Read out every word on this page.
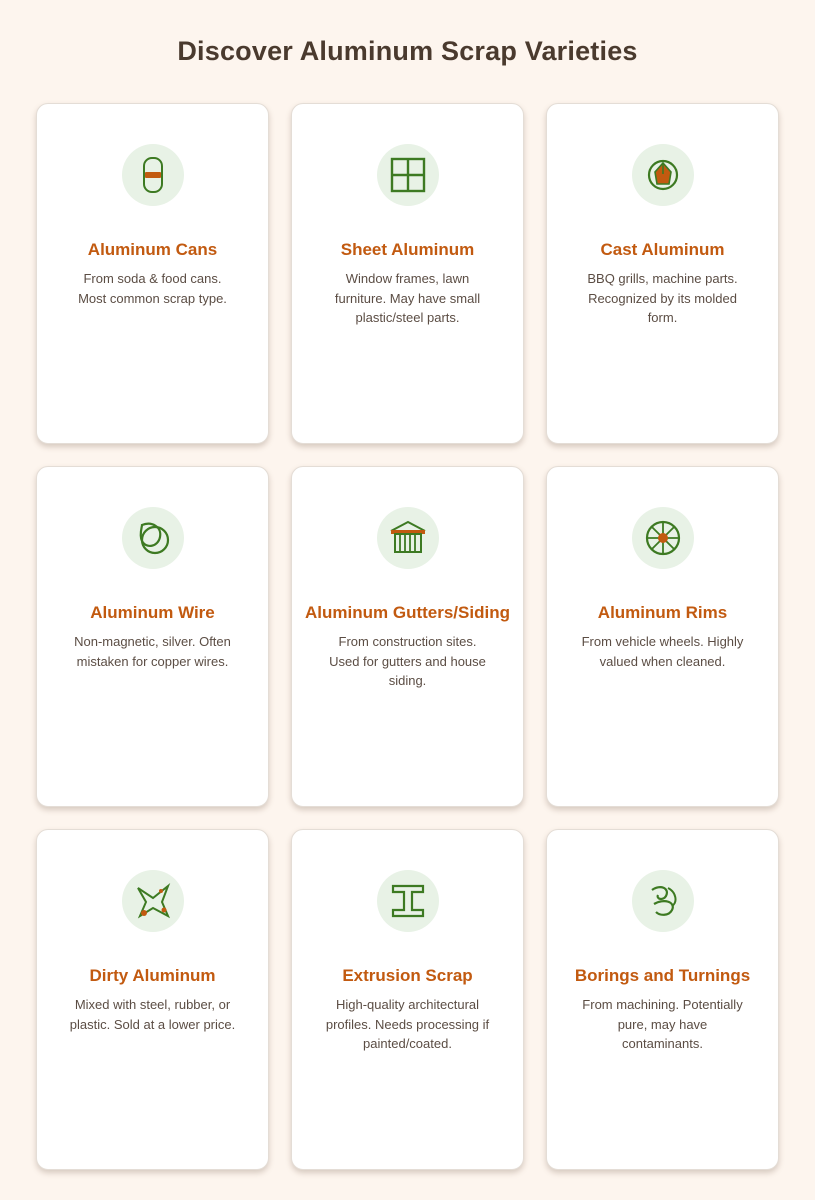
Discover Aluminum Scrap Varieties
Aluminum Cans
From soda & food cans. Most common scrap type.
Sheet Aluminum
Window frames, lawn furniture. May have small plastic/steel parts.
Cast Aluminum
BBQ grills, machine parts. Recognized by its molded form.
Aluminum Wire
Non-magnetic, silver. Often mistaken for copper wires.
Aluminum Gutters/Siding
From construction sites. Used for gutters and house siding.
Aluminum Rims
From vehicle wheels. Highly valued when cleaned.
Dirty Aluminum
Mixed with steel, rubber, or plastic. Sold at a lower price.
Extrusion Scrap
High-quality architectural profiles. Needs processing if painted/coated.
Borings and Turnings
From machining. Potentially pure, may have contaminants.
